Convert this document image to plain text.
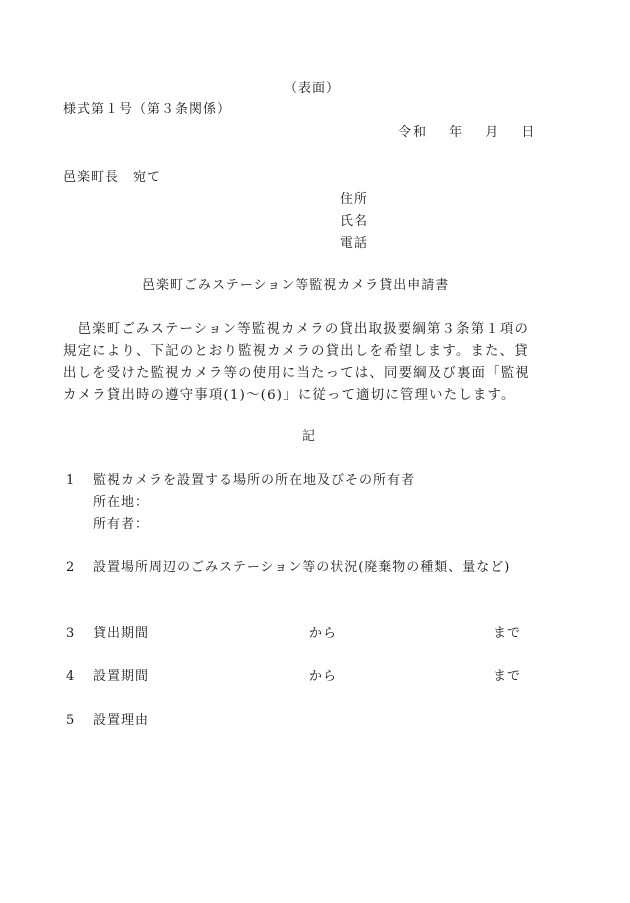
（表面）
様式第１号（第３条関係）
令和　 年　 月　 日
邑楽町長　宛て
住所
氏名
電話
邑楽町ごみステーション等監視カメラ貸出申請書
　邑楽町ごみステーション等監視カメラの貸出取扱要綱第３条第１項の
規定により、下記のとおり監視カメラの貸出しを希望します。また、貸
出しを受けた監視カメラ等の使用に当たっては、同要綱及び裏面「監視
カメラ貸出時の遵守事項(1)～(6)」に従って適切に管理いたします。
記
1 監視カメラを設置する場所の所在地及びその所有者
所在地：
所有者：
2 設置場所周辺のごみステーション等の状況(廃棄物の種類、量など)
3 貸出期間	から	まで
4 設置期間	から	まで
5 設置理由
